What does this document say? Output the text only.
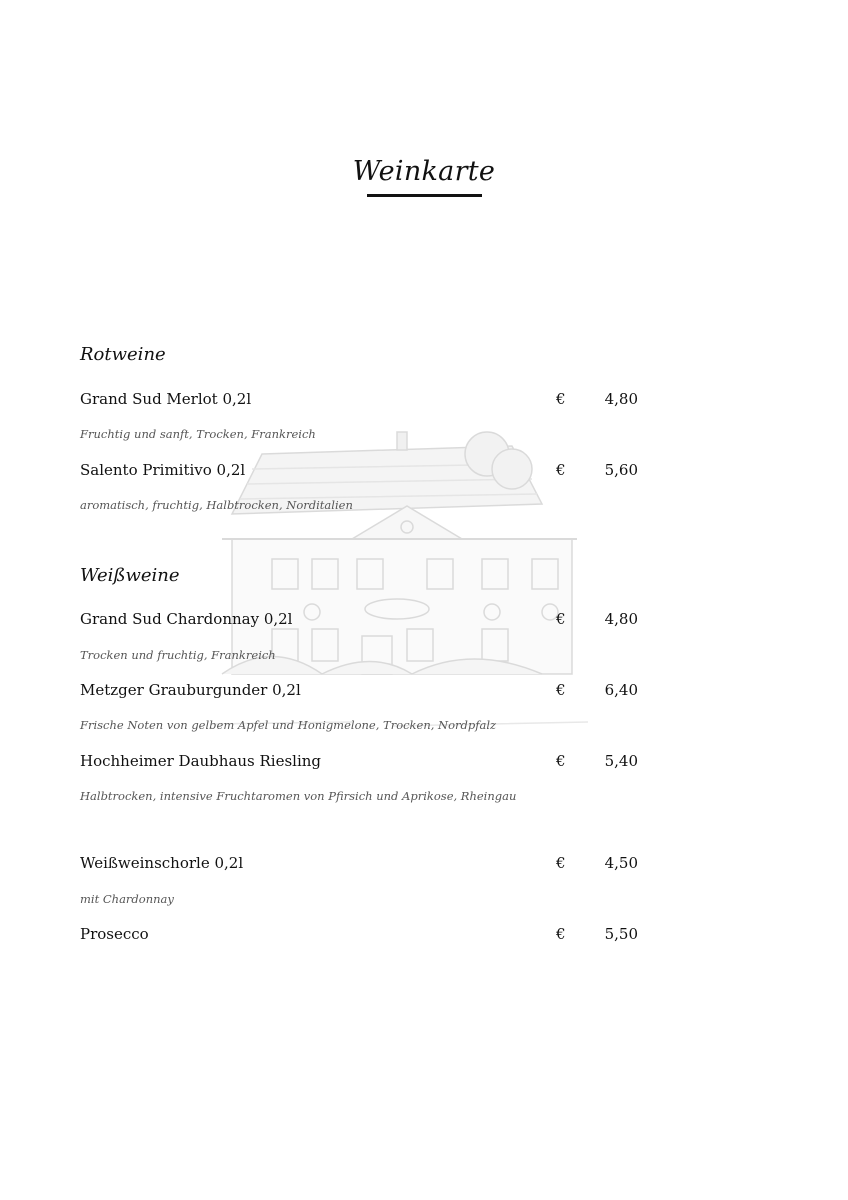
Weinkarte
Rotweine
Grand Sud Merlot 0,2l	€	4,80
Fruchtig und sanft, Trocken, Frankreich
Salento Primitivo 0,2l	€	5,60
aromatisch, fruchtig, Halbtrocken, Norditalien
Weißweine
Grand Sud Chardonnay 0,2l	€	4,80
Trocken und fruchtig, Frankreich
Metzger Grauburgunder 0,2l	€	6,40
Frische Noten von gelbem Apfel und Honigmelone, Trocken, Nordpfalz
Hochheimer Daubhaus Riesling	€	5,40
Halbtrocken, intensive Fruchtaromen von Pfirsich und Aprikose, Rheingau
Weißweinschorle 0,2l	€	4,50
mit Chardonnay
Prosecco	€	5,50
